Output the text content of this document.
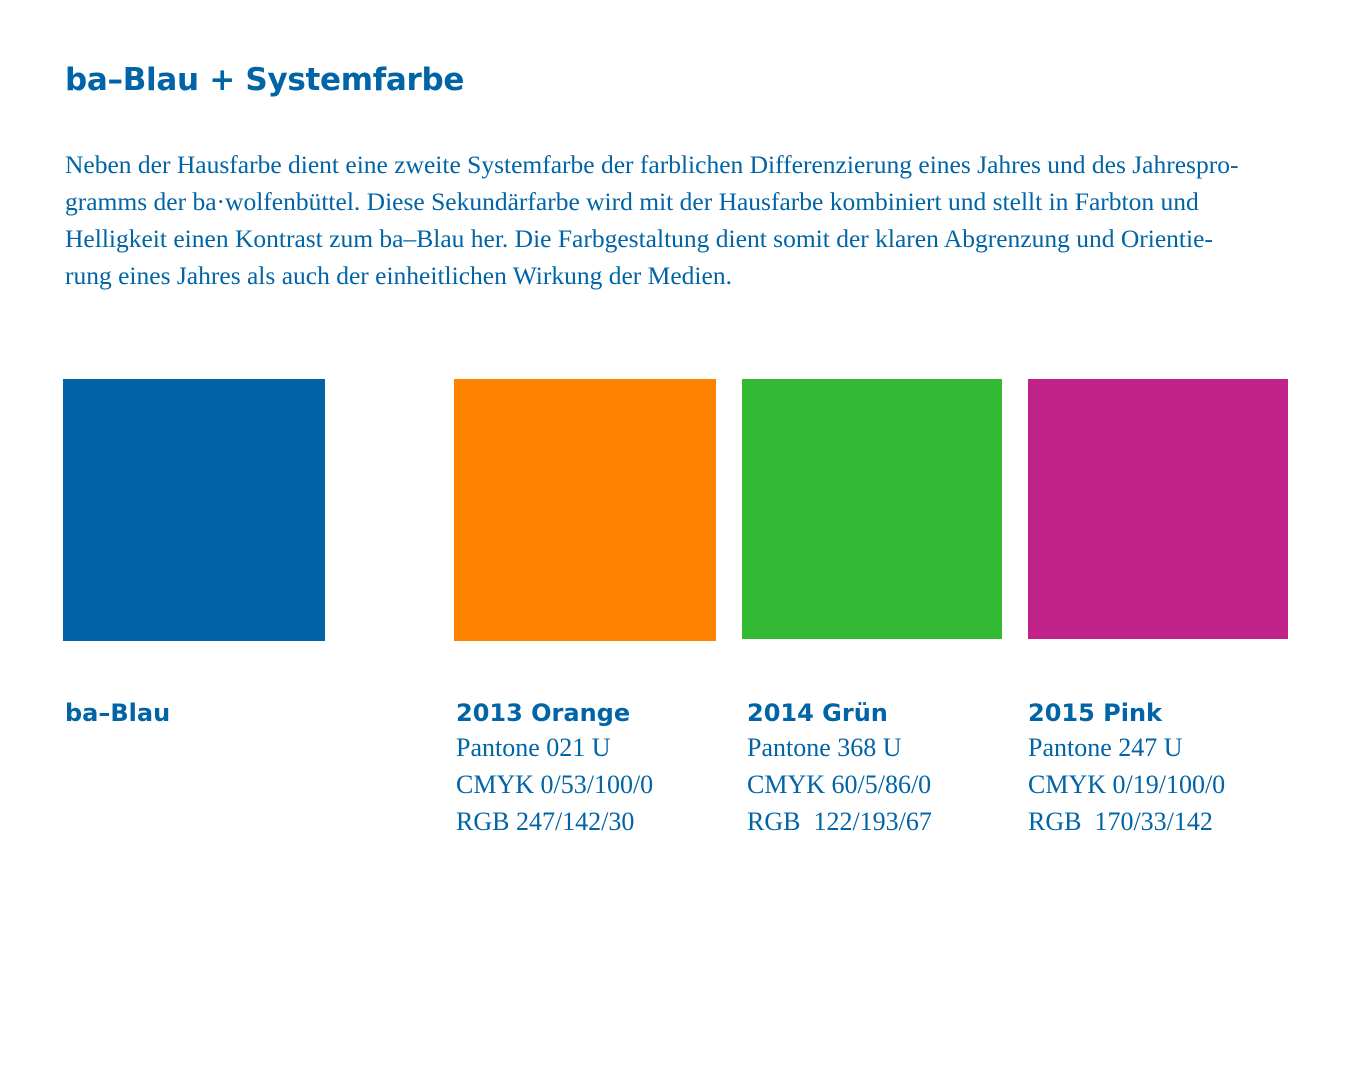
ba–Blau + Systemfarbe

Neben der Hausfarbe dient eine zweite Systemfarbe der farblichen Differenzierung eines Jahres und des Jahrespro-
gramms der ba·wolfenbüttel. Diese Sekundärfarbe wird mit der Hausfarbe kombiniert und stellt in Farbton und
Helligkeit einen Kontrast zum ba–Blau her. Die Farbgestaltung dient somit der klaren Abgrenzung und Orientie-
rung eines Jahres als auch der einheitlichen Wirkung der Medien.

ba–Blau	2013 Orange
Pantone 021 U
CMYK 0/53/100/0
RGB 247/142/30
2014 Grün
Pantone 368 U
CMYK 60/5/86/0
RGB  122/193/67
2015 Pink
Pantone 247 U
CMYK 0/19/100/0
RGB  170/33/142
